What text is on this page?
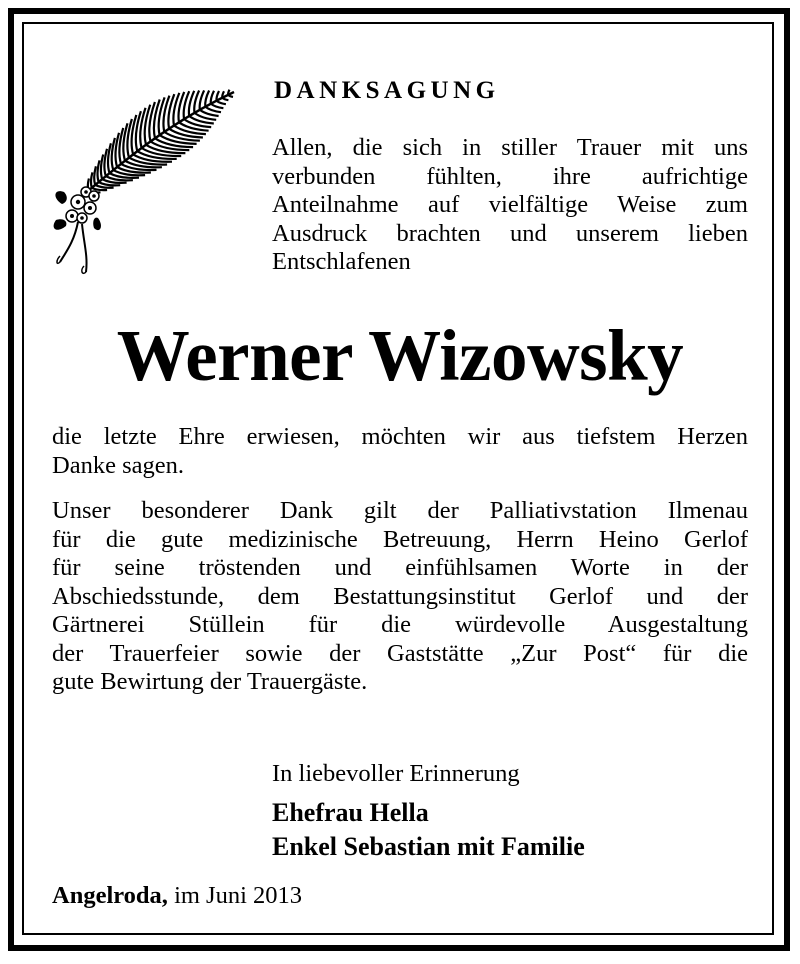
DANKSAGUNG
Allen, die sich in stiller Trauer mit uns
verbunden fühlten, ihre aufrichtige
Anteilnahme auf vielfältige Weise zum
Ausdruck brachten und unserem lieben
Entschlafenen
Werner Wizowsky
die letzte Ehre erwiesen, möchten wir aus tiefstem Herzen
Danke sagen.
Unser besonderer Dank gilt der Palliativstation Ilmenau
für die gute medizinische Betreuung, Herrn Heino Gerlof
für seine tröstenden und einfühlsamen Worte in der
Abschiedsstunde, dem Bestattungsinstitut Gerlof und der
Gärtnerei Stüllein für die würdevolle Ausgestaltung
der Trauerfeier sowie der Gaststätte „Zur Post“ für die
gute Bewirtung der Trauergäste.
In liebevoller Erinnerung
Ehefrau Hella
Enkel Sebastian mit Familie
Angelroda, im Juni 2013
